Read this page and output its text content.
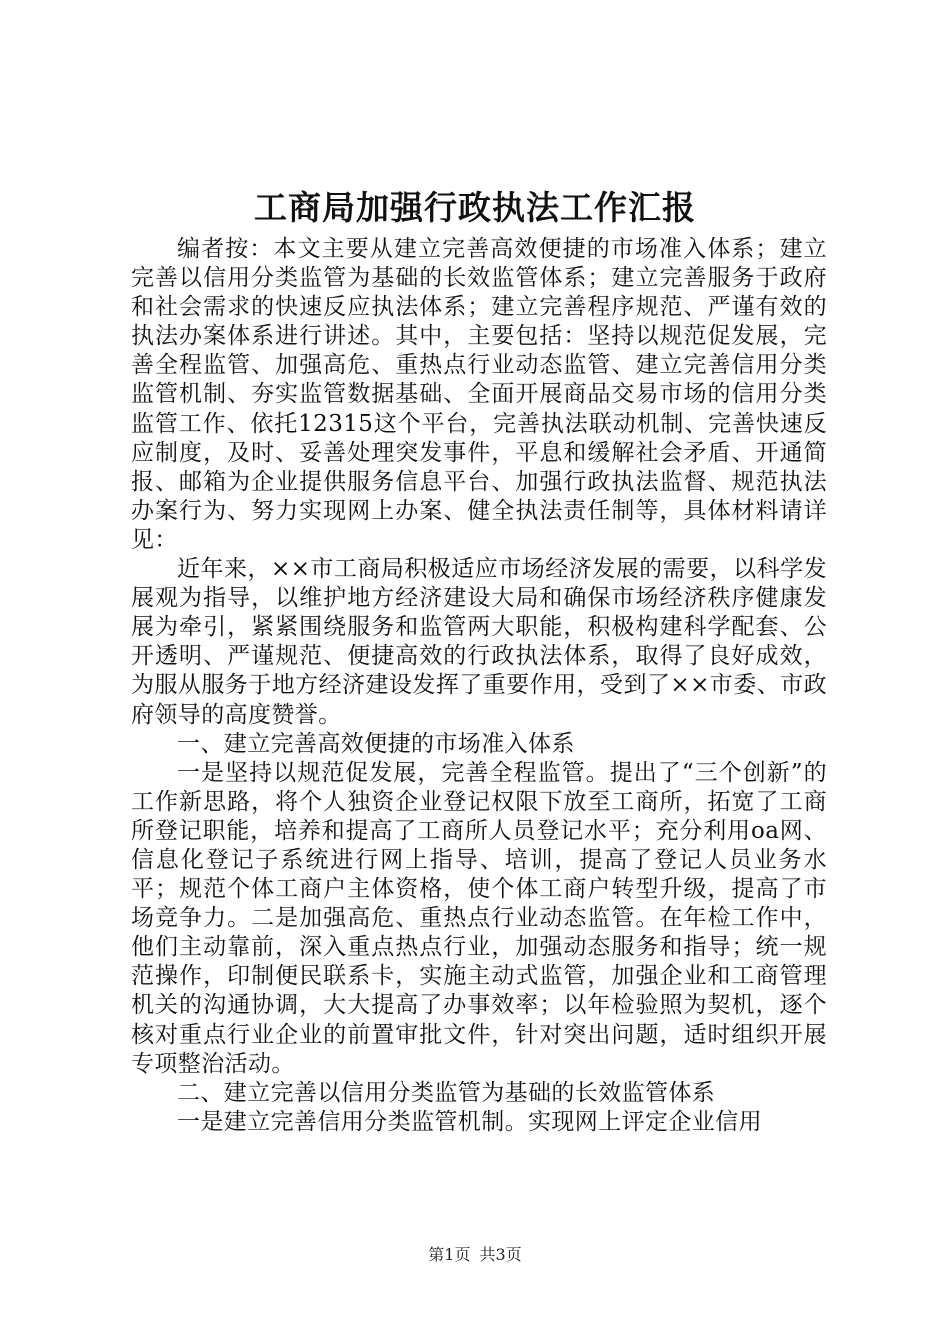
工商局加强行政执法工作汇报

编者按：本文主要从建立完善高效便捷的市场准入体系；建立完善以信用分类监管为基础的长效监管体系；建立完善服务于政府和社会需求的快速反应执法体系；建立完善程序规范、严谨有效的执法办案体系进行讲述。其中，主要包括：坚持以规范促发展，完善全程监管、加强高危、重热点行业动态监管、建立完善信用分类监管机制、夯实监管数据基础、全面开展商品交易市场的信用分类监管工作、依托12315这个平台，完善执法联动机制、完善快速反应制度，及时、妥善处理突发事件，平息和缓解社会矛盾、开通简报、邮箱为企业提供服务信息平台、加强行政执法监督、规范执法办案行为、努力实现网上办案、健全执法责任制等，具体材料请详见：

近年来，××市工商局积极适应市场经济发展的需要，以科学发展观为指导，以维护地方经济建设大局和确保市场经济秩序健康发展为牵引，紧紧围绕服务和监管两大职能，积极构建科学配套、公开透明、严谨规范、便捷高效的行政执法体系，取得了良好成效，为服从服务于地方经济建设发挥了重要作用，受到了××市委、市政府领导的高度赞誉。

一、建立完善高效便捷的市场准入体系

一是坚持以规范促发展，完善全程监管。提出了“三个创新”的工作新思路，将个人独资企业登记权限下放至工商所，拓宽了工商所登记职能，培养和提高了工商所人员登记水平；充分利用oa网、信息化登记子系统进行网上指导、培训，提高了登记人员业务水平；规范个体工商户主体资格，使个体工商户转型升级，提高了市场竞争力。二是加强高危、重热点行业动态监管。在年检工作中，他们主动靠前，深入重点热点行业，加强动态服务和指导；统一规范操作，印制便民联系卡，实施主动式监管，加强企业和工商管理机关的沟通协调，大大提高了办事效率；以年检验照为契机，逐个核对重点行业企业的前置审批文件，针对突出问题，适时组织开展专项整治活动。

二、建立完善以信用分类监管为基础的长效监管体系

一是建立完善信用分类监管机制。实现网上评定企业信用

第1页 共3页
